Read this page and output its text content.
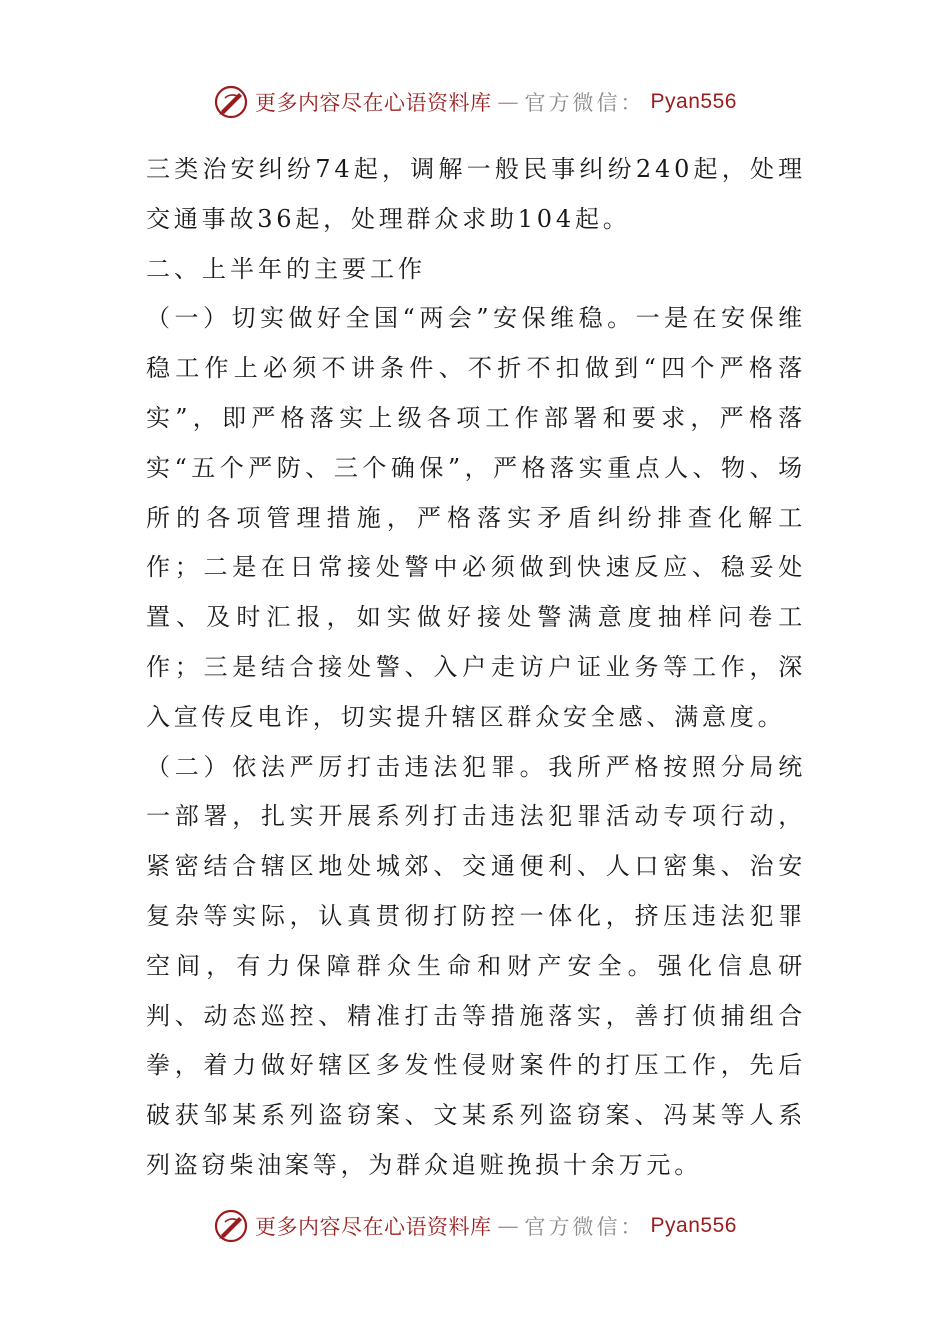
更多内容尽在心语资料库 — 官方微信： Pyan556

三类治安纠纷74起，调解一般民事纠纷240起，处理交通事故36起，处理群众求助104起。

二、上半年的主要工作

（一）切实做好全国“两会”安保维稳。一是在安保维稳工作上必须不讲条件、不折不扣做到“四个严格落实”，即严格落实上级各项工作部署和要求，严格落实“五个严防、三个确保”，严格落实重点人、物、场所的各项管理措施，严格落实矛盾纠纷排查化解工作；二是在日常接处警中必须做到快速反应、稳妥处置、及时汇报，如实做好接处警满意度抽样问卷工作；三是结合接处警、入户走访户证业务等工作，深入宣传反电诈，切实提升辖区群众安全感、满意度。

（二）依法严厉打击违法犯罪。我所严格按照分局统一部署，扎实开展系列打击违法犯罪活动专项行动，紧密结合辖区地处城郊、交通便利、人口密集、治安复杂等实际，认真贯彻打防控一体化，挤压违法犯罪空间，有力保障群众生命和财产安全。强化信息研判、动态巡控、精准打击等措施落实，善打侦捕组合拳，着力做好辖区多发性侵财案件的打压工作，先后破获邹某系列盗窃案、文某系列盗窃案、冯某等人系列盗窃柴油案等，为群众追赃挽损十余万元。

更多内容尽在心语资料库 — 官方微信： Pyan556
